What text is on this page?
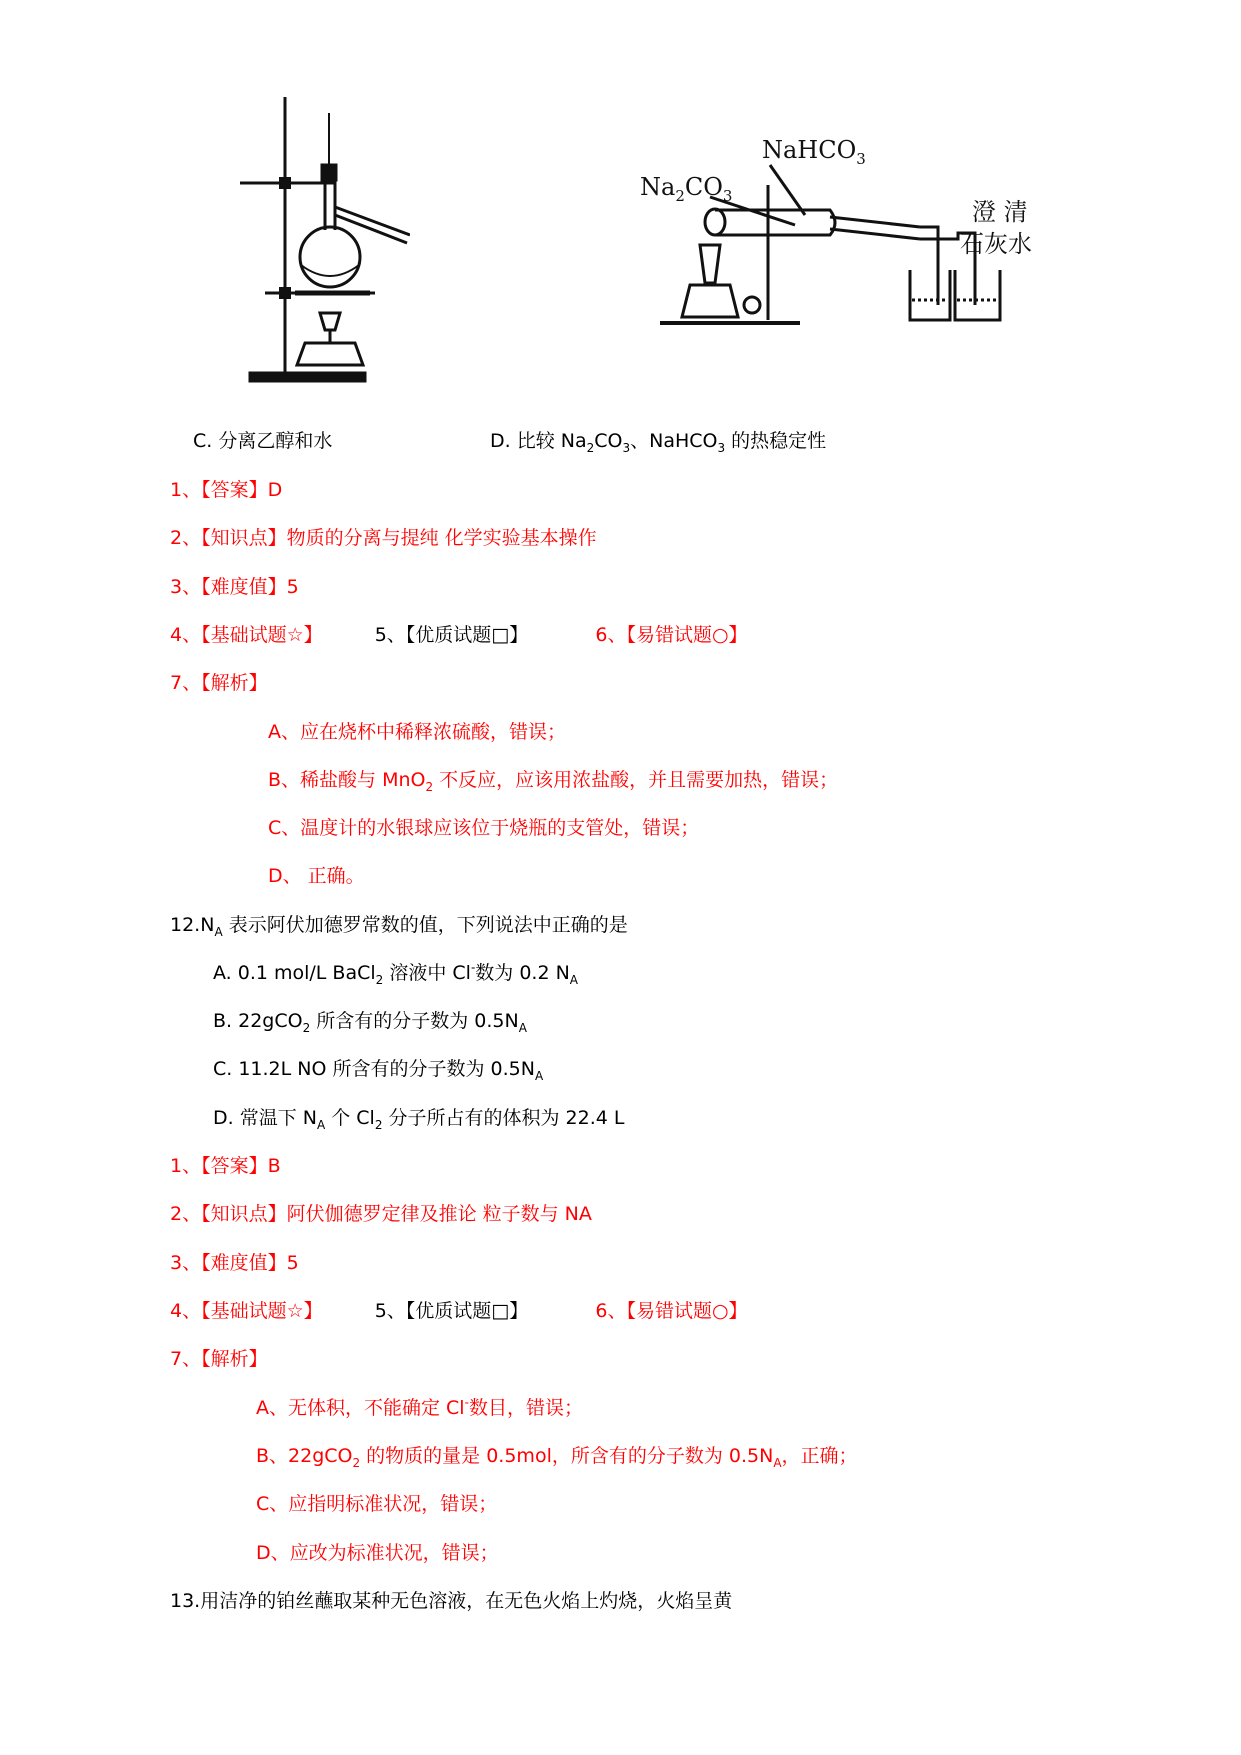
NaHCO$_3$
$Na_2CO_3$
澄 清
石灰水
C. 分离乙醇和水	D. 比较 $Na_2CO_3$、NaHCO$_3$ 的热稳定性
1、【答案】D
2、【知识点】物质的分离与提纯 化学实验基本操作
3、【难度值】5
4、【基础试题☆】	5、【优质试题□】	6、【易错试题○】
7、【解析】
A、应在烧杯中稀释浓硫酸，错误；
B、稀盐酸与 MnO$_2$ 不反应，应该用浓盐酸，并且需要加热，错误；
C、温度计的水银球应该位于烧瓶的支管处，错误；
D、 正确。
$12.N_A$ 表示阿伏加德罗常数的值，下列说法中正确的是
A. 0.1 mol/L BaCl$_2$ 溶液中 Cl-数为 0.2 $N_A$
B. 22gCO$_2$ 所含有的分子数为 $0.5N_A$
C. 11.2L NO 所含有的分子数为 $0.5N_A$
D. 常温下 $N_A$ 个 $Cl_2$ 分子所占有的体积为 22.4 L
1、【答案】B
2、【知识点】阿伏伽德罗定律及推论 粒子数与 NA
3、【难度值】5
4、【基础试题☆】	5、【优质试题□】	6、【易错试题○】
7、【解析】
A、无体积，不能确定 Cl-数目，错误；
B、22gCO$_2$ 的物质的量是 0.5mol，所含有的分子数为 $0.5N_A$，正确；
C、应指明标准状况，错误；
D、应改为标准状况，错误；
13.用洁净的铂丝蘸取某种无色溶液，在无色火焰上灼烧，火焰呈黄
